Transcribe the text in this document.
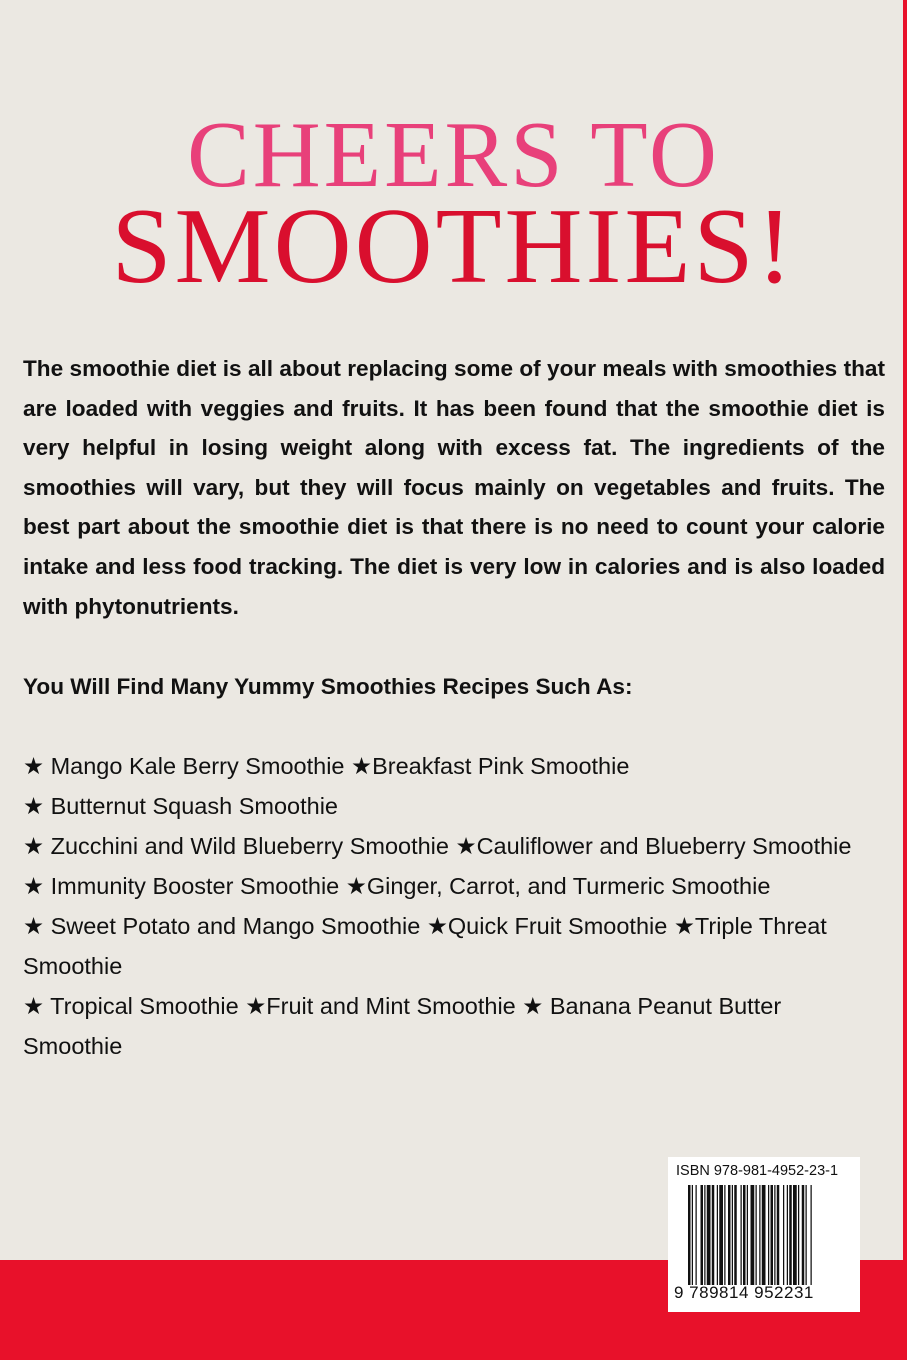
CHEERS TO
SMOOTHIES!

The smoothie diet is all about replacing some of your meals with smoothies that are loaded with veggies and fruits. It has been found that the smoothie diet is very helpful in losing weight along with excess fat. The ingredients of the smoothies will vary, but they will focus mainly on vegetables and fruits. The best part about the smoothie diet is that there is no need to count your calorie intake and less food tracking. The diet is very low in calories and is also loaded with phytonutrients.

You Will Find Many Yummy Smoothies Recipes Such As:

★ Mango Kale Berry Smoothie ★Breakfast Pink Smoothie
★ Butternut Squash Smoothie
★ Zucchini and Wild Blueberry Smoothie ★Cauliflower and Blueberry Smoothie
★ Immunity Booster Smoothie ★Ginger, Carrot, and Turmeric Smoothie
★ Sweet Potato and Mango Smoothie ★Quick Fruit Smoothie ★Triple Threat Smoothie
★ Tropical Smoothie ★Fruit and Mint Smoothie ★ Banana Peanut Butter Smoothie
ISBN 978-981-4952-23-1
9 789814 952231
